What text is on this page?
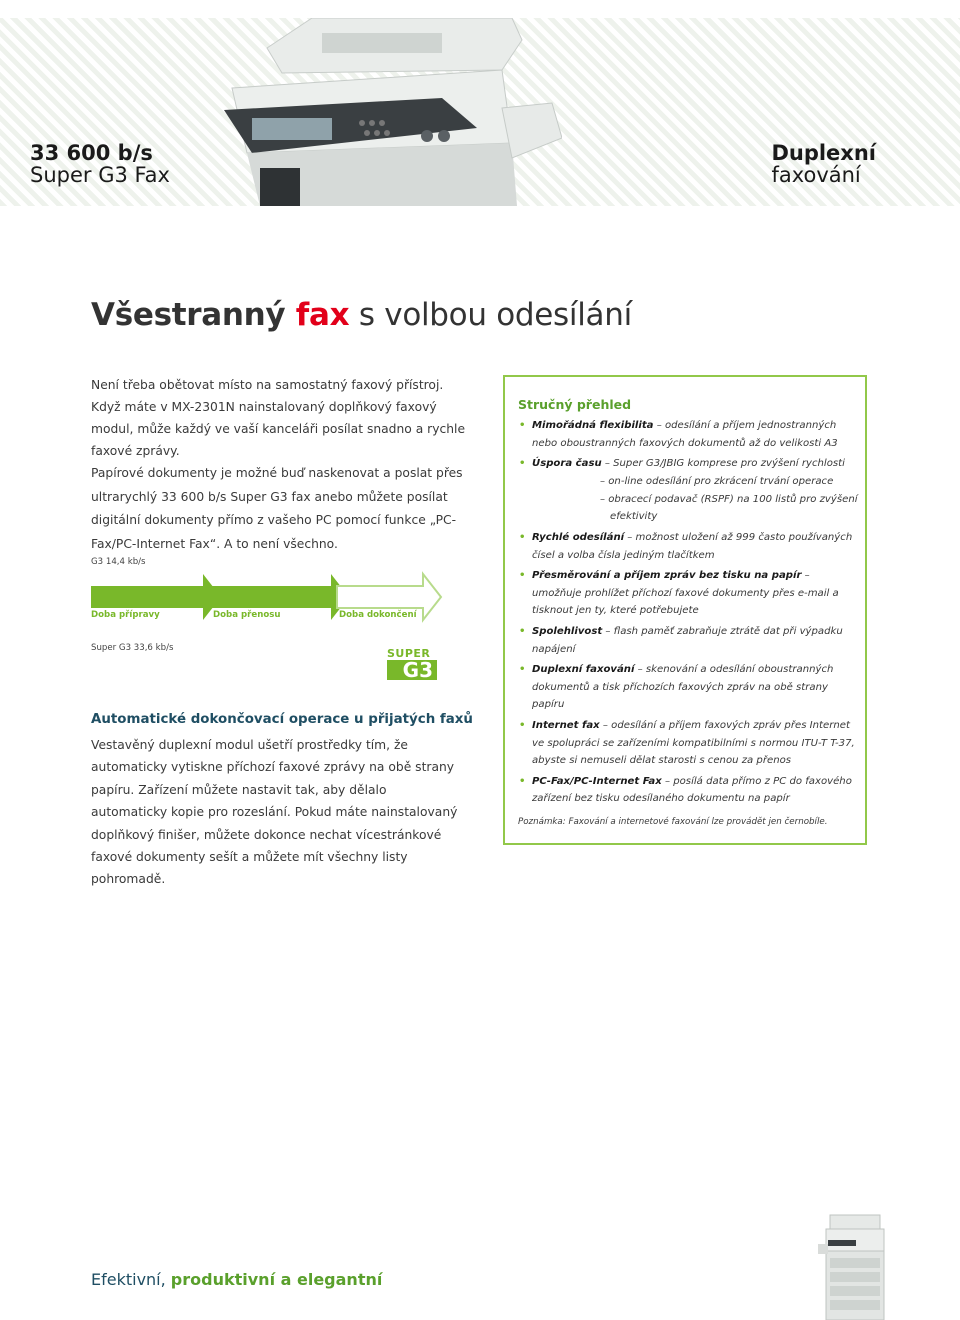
33 600 b/s
Super G3 Fax
Duplexní
faxování
Všestranný fax s volbou odesílání
Není třeba obětovat místo na samostatný faxový přístroj. Když máte v MX-2301N nainstalovaný doplňkový faxový modul, může každý ve vaší kanceláři posílat snadno a rychle faxové zprávy.
Papírové dokumenty je možné buď naskenovat a poslat přes ultrarychlý 33 600 b/s Super G3 fax anebo můžete posílat digitální dokumenty přímo z vašeho PC pomocí funkce „PC-Fax/PC-Internet Fax“. A to není všechno.
G3 14,4 kb/s
Doba přípravy	Doba přenosu	Doba dokončení
Super G3 33,6 kb/s	SUPER
G3
Automatické dokončovací operace u přijatých faxů
Vestavěný duplexní modul ušetří prostředky tím, že automaticky vytiskne příchozí faxové zprávy na obě strany papíru. Zařízení můžete nastavit tak, aby dělalo automaticky kopie pro rozeslání. Pokud máte nainstalovaný doplňkový finišer, můžete dokonce nechat vícestránkové faxové dokumenty sešít a můžete mít všechny listy pohromadě.
Stručný přehled
• Mimořádná flexibilita – odesílání a příjem jednostranných nebo oboustranných faxových dokumentů až do velikosti A3
• Úspora času – Super G3/JBIG komprese pro zvýšení rychlosti
– on-line odesílání pro zkrácení trvání operace
– obracecí podavač (RSPF) na 100 listů pro zvýšení efektivity
• Rychlé odesílání – možnost uložení až 999 často používaných čísel a volba čísla jediným tlačítkem
• Přesměrování a příjem zpráv bez tisku na papír – umožňuje prohlížet příchozí faxové dokumenty přes e-mail a tisknout jen ty, které potřebujete
• Spolehlivost – flash paměť zabraňuje ztrátě dat při výpadku napájení
• Duplexní faxování – skenování a odesílání oboustranných dokumentů a tisk příchozích faxových zpráv na obě strany papíru
• Internet fax – odesílání a příjem faxových zpráv přes Internet ve spolupráci se zařízeními kompatibilními s normou ITU-T T-37, abyste si nemuseli dělat starosti s cenou za přenos
• PC-Fax/PC-Internet Fax – posílá data přímo z PC do faxového zařízení bez tisku odesílaného dokumentu na papír
Poznámka: Faxování a internetové faxování lze provádět jen černobíle.
Efektivní, produktivní a elegantní
